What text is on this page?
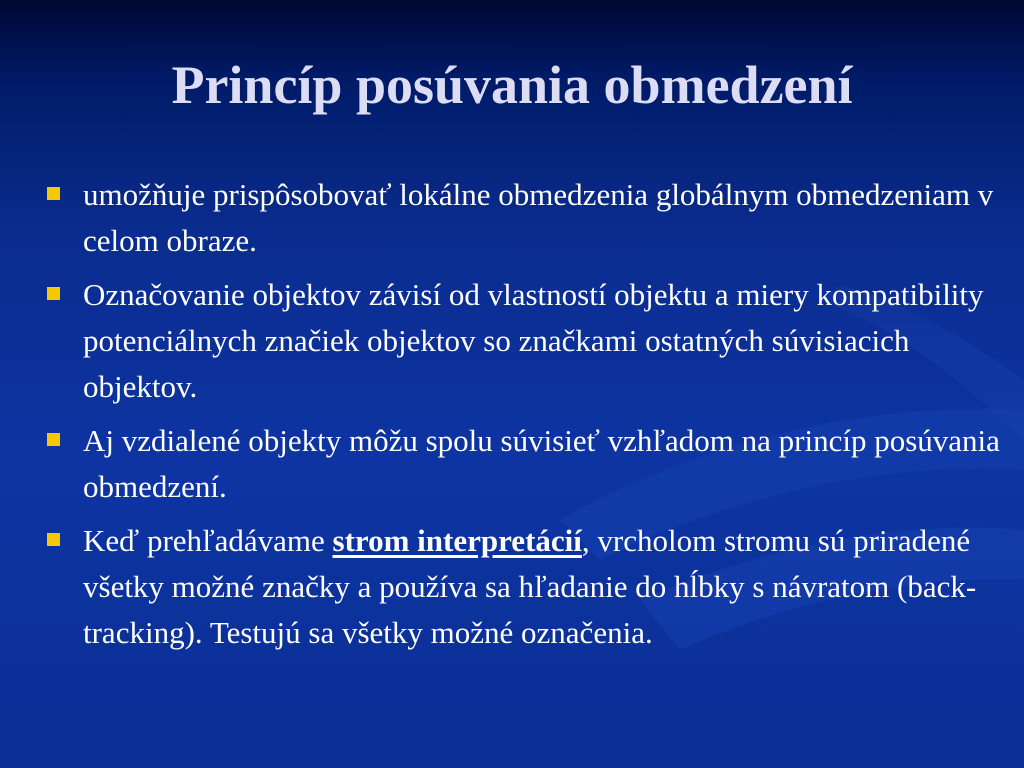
Princíp posúvania obmedzení
umožňuje prispôsobovať lokálne obmedzenia globálnym obmedzeniam v celom obraze.
Označovanie objektov závisí od vlastností objektu a miery kompatibility potenciálnych značiek objektov so značkami ostatných súvisiacich objektov.
Aj vzdialené objekty môžu spolu súvisieť vzhľadom na princíp posúvania obmedzení.
Keď prehľadávame strom interpretácií, vrcholom stromu sú priradené všetky možné značky a používa sa hľadanie do hĺbky s návratom (back-tracking). Testujú sa všetky možné označenia.
